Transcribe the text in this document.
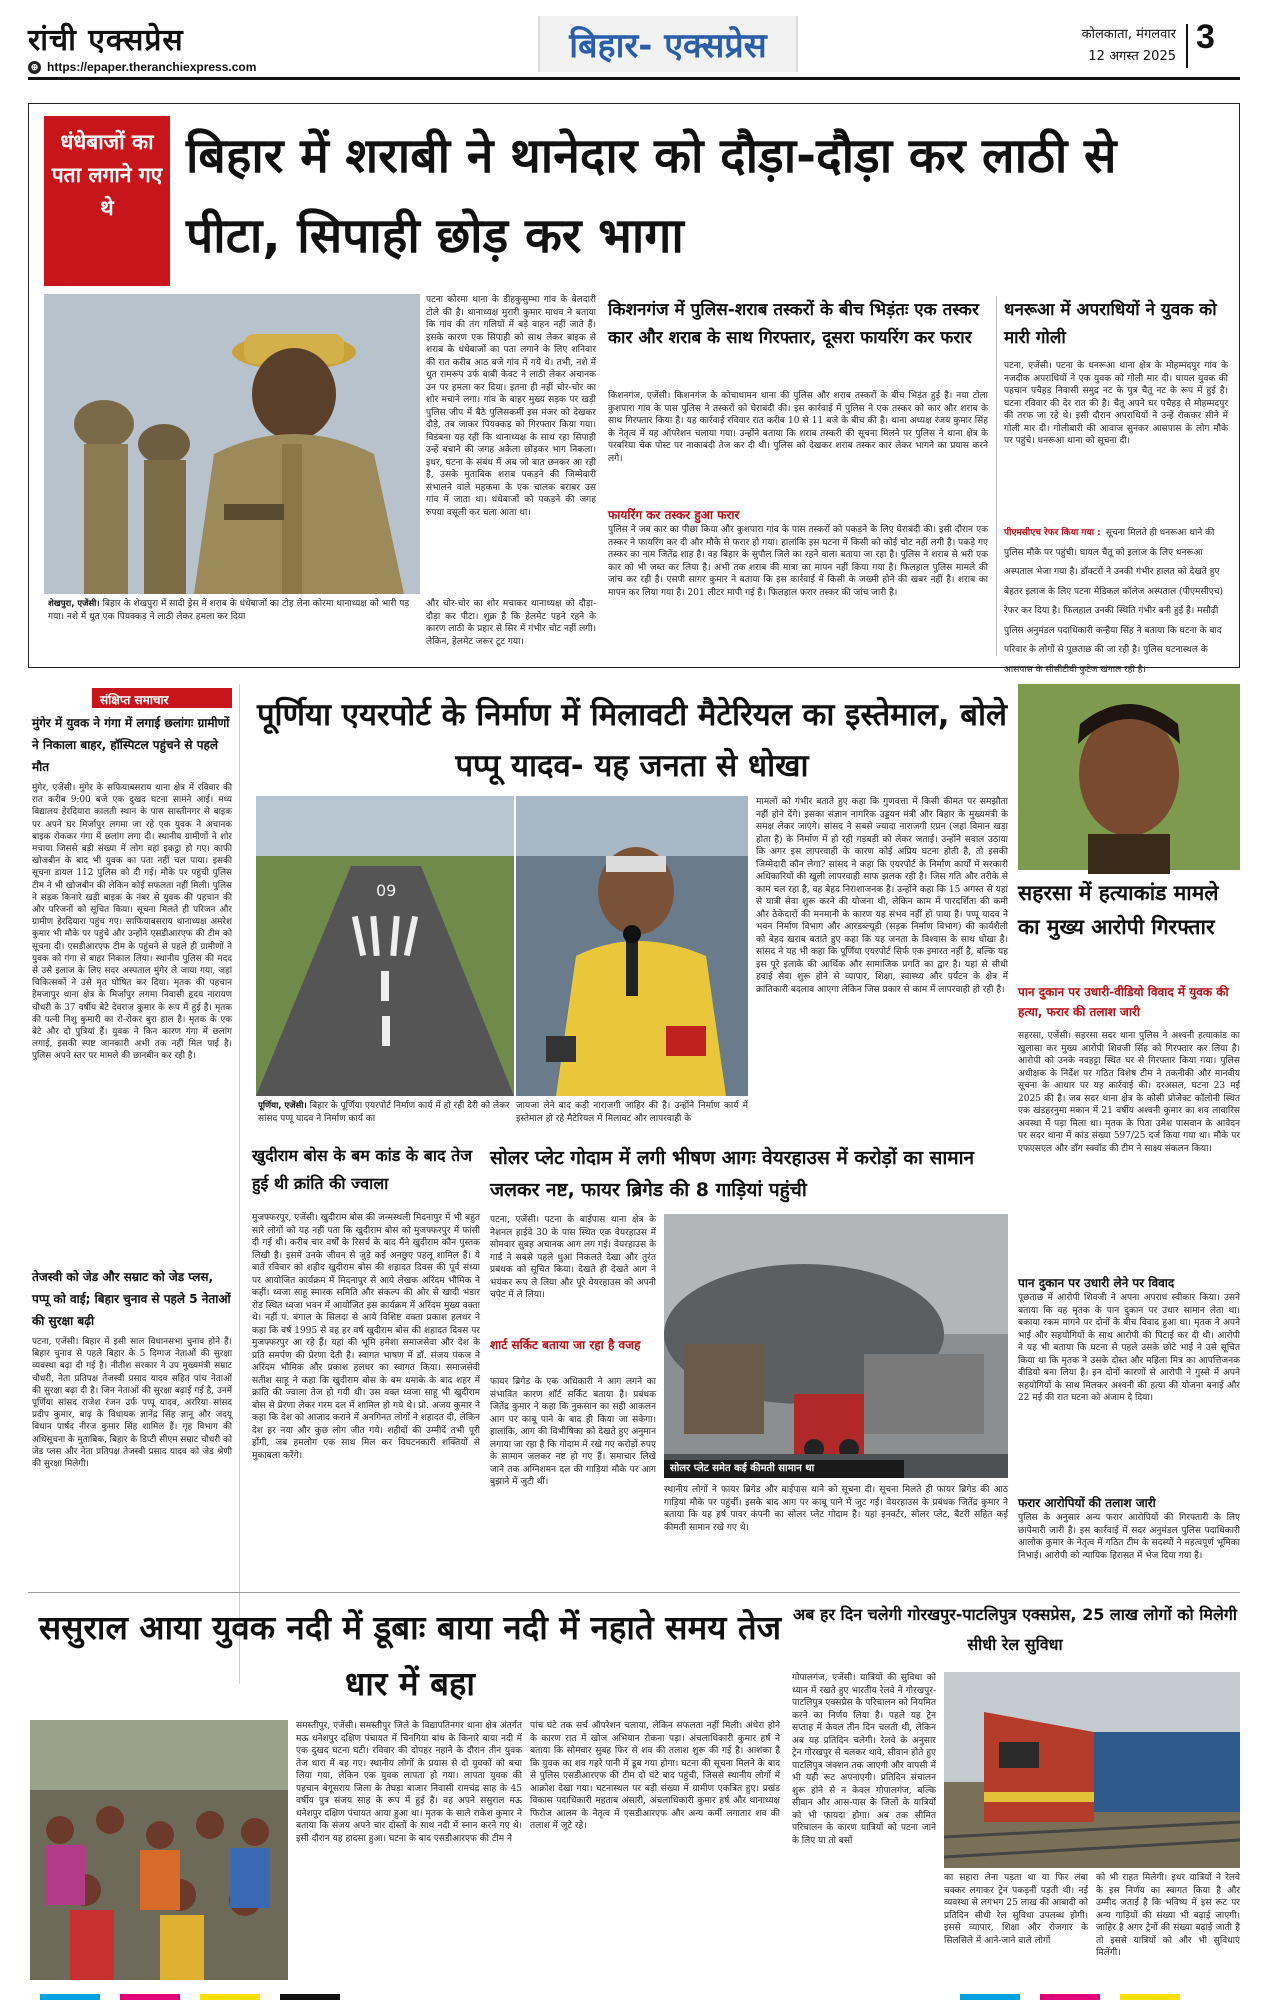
रांची एक्सप्रेस
⊕ https://epaper.theranchiexpress.com
बिहार- एक्सप्रेस	कोलकाता, मंगलवार
12 अगस्त 2025
3
धंधेबाजों का पता लगाने गए थे
बिहार में शराबी ने थानेदार को दौड़ा-दौड़ा कर लाठी से पीटा, सिपाही छोड़ कर भागा
शेखपुरा, एजेंसी। बिहार के शेखपुरा में सादी ड्रेस में शराब के धंधेबाजों का टोह लेना कोरमा थानाध्यक्ष को भारी पड़ गया। नशे में धुत एक पियक्कड़ ने लाठी लेकर हमला कर दिया
पटना कोरमा थाना के डीहकुसुम्भा गांव के बेलदारी टोले की है। थानाध्यक्ष मुरारी कुमार माधव ने बताया कि गांव की तंग गलियों में बड़े वाहन नहीं जाते हैं। इसके कारण एक सिपाही को साथ लेकर बाइक से शराब के धंधेबाजों का पता लगाने के लिए शनिवार की रात करीब आठ बजे गांव में गये थे। तभी, नशे में धुत रामरूप उर्फ बाबी केवट ने लाठी लेकर अचानक उन पर हमला कर दिया। इतना ही नहीं चोर-चोर का शोर मचाने लगा। गांव के बाहर मुख्य सड़क पर खड़ी पुलिस जीप में बैठे पुलिसकर्मी इस मंजर को देखकर दौड़े, तब जाकर पियक्कड़ को गिरफ्तार किया गया। विडंबना यह रही कि थानाध्यक्ष के साथ रहा सिपाही उन्हें बचाने की जगह अकेला छोड़कर भाग निकला। इधर, घटना के संबंध में अब जो बात छनकर आ रही है, उसके मुताबिक शराब पकड़ने की जिम्मेवारी संभालने वाले महकमा के एक चालक बराबर उस गांव में जाता था। धंधेबाजों को पकड़ने की जगह रुपया वसूली कर चला आता था।
और चोर-चोर का शोर मचाकर थानाध्यक्ष को दौड़ा-दौड़ा कर पीटा। शुक्र है कि हेलमेट पहने रहने के कारण लाठी के प्रहार से सिर में गंभीर चोट नहीं लगी। लेकिन, हेलमेट जरूर टूट गया।
किशनगंज में पुलिस-शराब तस्करों के बीच भिड़ंतः एक तस्कर कार और शराब के साथ गिरफ्तार, दूसरा फायरिंग कर फरार
किशनगंज, एजेंसी। किशनगंज के कोचाधामन थाना की पुलिस और शराब तस्करों के बीच भिड़ंत हुई है। नया टोला कुशपारा गांव के पास पुलिस ने तस्करों को घेराबंदी की। इस कार्रवाई में पुलिस ने एक तस्कर को कार और शराब के साथ गिरफ्तार किया है। यह कार्रवाई रविवार रात करीब 10 से 11 बजे के बीच की है। थाना अध्यक्ष रंजय कुमार सिंह के नेतृत्व में यह ऑपरेशन चलाया गया। उन्होंने बताया कि शराब तस्करी की सूचना मिलने पर पुलिस ने थाना क्षेत्र के परबरिया चेक पोस्ट पर नाकाबंदी तेज कर दी थी। पुलिस को देखकर शराब तस्कर कार लेकर भागने का प्रयास करने लगे।
फायरिंग कर तस्कर हुआ फरार
पुलिस ने जब कार का पीछा किया और कुशपारा गांव के पास तस्करों को पकड़ने के लिए घेराबंदी की। इसी दौरान एक तस्कर ने फायरिंग कर दी और मौके से फरार हो गया। हालांकि इस घटना में किसी को कोई चोट नहीं लगी है। पकड़े गए तस्कर का नाम जितेंद्र शाह है। वह बिहार के सुपौल जिले का रहने वाला बताया जा रहा है। पुलिस ने शराब से भरी एक कार को भी जब्त कर लिया है। अभी तक शराब की मात्रा का मापन नहीं किया गया है। फिलहाल पुलिस मामले की जांच कर रही है। एसपी सागर कुमार ने बताया कि इस कार्रवाई में किसी के जख्मी होने की खबर नहीं है। शराब का मापन कर लिया गया है। 201 लीटर मापी गई है। फिलहाल फरार तस्कर की जांच जारी है।
धनरूआ में अपराधियों ने युवक को मारी गोली
पटना, एजेंसी। पटना के धनरूआ थाना क्षेत्र के मोहम्मदपुर गांव के नजदीक अपराधियों ने एक युवक को गोली मार दी। घायल युवक की पहचान पचैहड़ निवासी समुद्र नट के पुत्र चैतू नट के रूप में हुई है। घटना रविवार की देर रात की है। चैतू अपने घर पचैहड़ से मोहम्मदपुर की तरफ जा रहे थे। इसी दौरान अपराधियों ने उन्हें रोककर सीने में गोली मार दी। गोलीबारी की आवाज सुनकर आसपास के लोग मौके पर पहुंचे। धनरूआ थाना को सूचना दी।
पीएमसीएच रेफर किया गया : सूचना मिलते ही धनरूआ थाने की पुलिस मौके पर पहुंची। घायल चैतू को इलाज के लिए धनरूआ अस्पताल भेजा गया है। डॉक्टरों ने उनकी गंभीर हालत को देखते हुए बेहतर इलाज के लिए पटना मेडिकल कॉलेज अस्पताल (पीएमसीएच) रेफर कर दिया है। फिलहाल उनकी स्थिति गंभीर बनी हुई है। मसौढ़ी पुलिस अनुमंडल पदाधिकारी कन्हैया सिंह ने बताया कि घटना के बाद परिवार के लोगों से पूछताछ की जा रही है। पुलिस घटनास्थल के आसपास के सीसीटीवी फुटेज खंगाल रही है।
संक्षिप्त समाचार
मुंगेर में युवक ने गंगा में लगाई छलांगः ग्रामीणों ने निकाला बाहर, हॉस्पिटल पहुंचने से पहले मौत
मुंगेर, एजेंसी। मुंगेर के सफियाबसराय थाना क्षेत्र में रविवार की रात करीब 9:00 बजे एक दुखद घटना सामने आई। मध्य विद्यालय हेरदियारा कालती स्थान के पास सास्तीनगर से बाइक पर अपने घर मिर्जापुर लगमा जा रहे एक युवक ने अचानक बाइक रोककर गंगा में छलांग लगा दी। स्थानीय ग्रामीणों ने शोर मचाया जिससे बड़ी संख्या में लोग वहां इकट्ठा हो गए। काफी खोजबीन के बाद भी युवक का पता नहीं चल पाया। इसकी सूचना डायल 112 पुलिस को दी गई। मौके पर पहुंची पुलिस टीम ने भी खोजबीन की लेकिन कोई सफलता नहीं मिली। पुलिस ने सड़क किनारे खड़ी बाइक के नंबर से युवक की पहचान की और परिजनों को सूचित किया। सूचना मिलते ही परिजन और ग्रामीण हेरदियारा पहुंच गए। साफियाबसराय थानाध्यक्ष अमरेश कुमार भी मौके पर पहुंचे और उन्होंने एसडीआरएफ की टीम को सूचना दी। एसडीआरएफ टीम के पहुंचने से पहले ही ग्रामीणों ने युवक को गंगा से बाहर निकाल लिया। स्थानीय पुलिस की मदद से उसे इलाज के लिए सदर अस्पताल मुंगेर ले जाया गया, जहां चिकित्सकों ने उसे मृत घोषित कर दिया। मृतक की पहचान हेमजापुर थाना क्षेत्र के मिर्जापुर लगमा निवासी हृदय नारायण चौधरी के 37 वर्षीय बेटे देवराज कुमार के रूप में हुई है। मृतक की पत्नी निशु कुमारी का रो-रोकर बुरा हाल है। मृतक के एक बेटे और दो पुत्रियां हैं। युवक ने किन कारण गंगा में छलांग लगाई, इसकी स्पष्ट जानकारी अभी तक नहीं मिल पाई है। पुलिस अपने स्तर पर मामले की छानबीन कर रही है।
तेजस्वी को जेड और सम्राट को जेड प्लस, पप्पू को वाई; बिहार चुनाव से पहले 5 नेताओं की सुरक्षा बढ़ी
पटना, एजेंसी। बिहार में इसी साल विधानसभा चुनाव होने हैं। बिहार चुनाव से पहले बिहार के 5 दिग्गज नेताओं की सुरक्षा व्यवस्था बढ़ा दी गई है। नीतीश सरकार ने उप मुख्यमंत्री सम्राट चौधरी, नेता प्रतिपक्ष तेजस्वी प्रसाद यादव सहित पांच नेताओं की सुरक्षा बढ़ा दी है। जिन नेताओं की सुरक्षा बढ़ाई गई है, उनमें पूर्णिया सांसद राजेश रंजन उर्फ पप्पू यादव, अररिया सांसद प्रदीप कुमार, बाढ़ के विधायक ज्ञानेंद्र सिंह ज्ञानू और जदयू विधान पार्षद नीरज कुमार सिंह शामिल हैं। गृह विभाग की अधिसूचना के मुताबिक, बिहार के डिप्टी सीएम सम्राट चौधरी को जेड प्लस और नेता प्रतिपक्ष तेजस्वी प्रसाद यादव को जेड श्रेणी की सुरक्षा मिलेगी।
पूर्णिया एयरपोर्ट के निर्माण में मिलावटी मैटेरियल का इस्तेमाल, बोले पप्पू यादव- यह जनता से धोखा
09
पूर्णिया, एजेंसी। बिहार के पूर्णिया एयरपोर्ट निर्माण कार्य में हो रही देरी को लेकर सांसद पप्पू यादव ने निर्माण कार्य का
जायजा लेने बाद कड़ी नाराजगी जाहिर की है। उन्होंने निर्माण कार्य में इस्तेमाल हो रहे मैटेरियल में मिलावट और लापरवाही के
मामलों को गंभीर बताते हुए कहा कि गुणवत्ता में किसी कीमत पर समझौता नहीं होने देंगे। इसका संज्ञान नागरिक उड्डयन मंत्री और बिहार के मुख्यमंत्री के समक्ष लेकर जाएंगे। सांसद ने सबसे ज्यादा नाराजगी एप्रन (जहां विमान खड़ा होता है) के निर्माण में हो रही गड़बड़ी को लेकर जताई। उन्होंने सवाल उठाया कि अगर इस लापरवाही के कारण कोई अप्रिय घटना होती है, तो इसकी जिम्मेदारी कौन लेगा? सांसद ने कहा कि एयरपोर्ट के निर्माण कार्यों में सरकारी अधिकारियों की खुली लापरवाही साफ झलक रही है। जिस गति और तरीके से काम चल रहा है, वह बेहद निराशाजनक है। उन्होंने कहा कि 15 अगस्त से यहां से यात्री सेवा शुरू करने की योजना थी, लेकिन काम में पारदर्शिता की कमी और ठेकेदारों की मनमानी के कारण यह संभव नहीं हो पाया है। पप्पू यादव ने भवन निर्माण विभाग और आरडब्ल्यूडी (सड़क निर्माण विभाग) की कार्यशैली को बेहद खराब बताते हुए कहा कि यह जनता के विश्वास के साथ धोखा है। सांसद ने यह भी कहा कि पूर्णिया एयरपोर्ट सिर्फ एक इमारत नहीं है, बल्कि यह इस पूरे इलाके की आर्थिक और सामाजिक प्रगति का द्वार है। यहां से सीधी हवाई सेवा शुरू होने से व्यापार, शिक्षा, स्वास्थ्य और पर्यटन के क्षेत्र में क्रांतिकारी बदलाव आएगा लेकिन जिस प्रकार से काम में लापरवाही हो रही है।
सहरसा में हत्याकांड मामले का मुख्य आरोपी गिरफ्तार
पान दुकान पर उधारी-वीडियो विवाद में युवक की हत्या, फरार की तलाश जारी
सहरसा, एजेंसी। सहरसा सदर थाना पुलिस ने अश्वनी हत्याकांड का खुलासा कर मुख्य आरोपी शिवजी सिंह को गिरफ्तार कर लिया है। आरोपी को उनके नवहट्टा स्थित घर से गिरफ्तार किया गया। पुलिस अधीक्षक के निर्देश पर गठित विशेष टीम ने तकनीकी और मानवीय सूचना के आधार पर यह कार्रवाई की। दरअसल, घटना 23 मई 2025 की है। जब सदर थाना क्षेत्र के कोसी प्रोजेक्ट कॉलोनी स्थित एक खंडहरनुमा मकान में 21 वर्षीय अश्वनी कुमार का शव लावारिस अवस्था में पड़ा मिला था। मृतक के पिता उमेश पासवान के आवेदन पर सदर थाना में कांड संख्या 597/25 दर्ज किया गया था। मौके पर एफएसएल और डॉग स्क्वॉड की टीम ने साक्ष्य संकलन किया।
पान दुकान पर उधारी लेने पर विवाद
पूछताछ में आरोपी शिवजी ने अपना अपराध स्वीकार किया। उसने बताया कि वह मृतक के पान दुकान पर उधार सामान लेता था। बकाया रकम मांगने पर दोनों के बीच विवाद हुआ था। मृतक ने अपने भाई और सहयोगियों के साथ आरोपी की पिटाई कर दी थी। आरोपी ने यह भी बताया कि घटना से पहले उसके छोटे भाई ने उसे सूचित किया था कि मृतक ने उसके दोस्त और महिला मित्र का आपत्तिजनक वीडियो बना लिया है। इन दोनों कारणों से आरोपी ने गुस्से में अपने सहयोगियों के साथ मिलकर अश्वनी की हत्या की योजना बनाई और 22 मई की रात घटना को अंजाम दे दिया।
फरार आरोपियों की तलाश जारी
पुलिस के अनुसार अन्य फरार आरोपियों की गिरफ्तारी के लिए छापेमारी जारी है। इस कार्रवाई में सदर अनुमंडल पुलिस पदाधिकारी आलोक कुमार के नेतृत्व में गठित टीम के सदस्यों ने महत्वपूर्ण भूमिका निभाई। आरोपी को न्यायिक हिरासत में भेज दिया गया है।
खुदीराम बोस के बम कांड के बाद तेज हुई थी क्रांति की ज्वाला
मुजफ्फरपुर, एजेंसी। खुदीराम बोस की जन्मस्थली मिदनापुर में भी बहुत सारे लोगों को यह नहीं पता कि खुदीराम बोस को मुजफ्फरपुर में फांसी दी गई थी। करीब चार वर्षों के रिसर्च के बाद मैंने खुदीराम कौन पुस्तक लिखी है। इसमें उनके जीवन से जुड़े कई अनछुए पहलू शामिल हैं। ये बातें रविवार को शहीद खुदीराम बोस की शहादत दिवस की पूर्व संध्या पर आयोजित कार्यक्रम में मिदनापुर से आये लेखक अरिंदम भौमिक ने कहीं। ध्वजा साहू स्मारक समिति और संकल्प की ओर से खादी भंडार रोड स्थित ध्वजा भवन में आयोजित इस कार्यक्रम में अरिंदम मुख्य वक्ता थे। नहीं पं. बंगाल के सिलदा से आये विशिष्ट वक्ता प्रकाश हलधर ने कहा कि वर्ष 1995 से वह हर वर्ष खुदीराम बोस की शहादत दिवस पर मुजफ्फरपुर आ रहे हैं। यहां की भूमि हमेशा समाजसेवा और देश के प्रति समर्पण की प्रेरणा देती है। स्वागत भाषण में डॉ. संजय पंकज ने अरिंदम भौमिक और प्रकाश हलधर का स्वागत किया। समाजसेवी सतीश साहू ने कहा कि खुदीराम बोस के बम धमाके के बाद शहर में क्रांति की ज्वाला तेज हो गयी थी। उस वक्त ध्वजा साहू भी खुदीराम बोस से प्रेरणा लेकर गरम दल में शामिल हो गये थे। प्रो. अजय कुमार ने कहा कि देश को आजाद कराने में अनगिनत लोगों ने शहादत दी, लेकिन देश हर नया और कुछ लोग जीत गये। शहीदों की उम्मीदें तभी पूरी होंगी, जब हमलोग एक साथ मिल कर विघटनकारी शक्तियों से मुकाबला करेंगे।
सोलर प्लेट गोदाम में लगी भीषण आगः वेयरहाउस में करोड़ों का सामान जलकर नष्ट, फायर ब्रिगेड की 8 गाड़ियां पहुंची
पटना, एजेंसी। पटना के बाईपास थाना क्षेत्र के नेशनल हाईवे 30 के पास स्थित एक वेयरहाउस में सोमवार सुबह अचानक आग लग गई। वेयरहाउस के गार्ड ने सबसे पहले धुआं निकलते देखा और तुरंत प्रबंधक को सूचित किया। देखते ही देखते आग ने भयंकर रूप ले लिया और पूरे वेयरहाउस को अपनी चपेट में ले लिया।
शार्ट सर्किट बताया जा रहा है वजह
फायर ब्रिगेड के एक अधिकारी ने आग लगने का संभावित कारण शॉर्ट सर्किट बताया है। प्रबंधक जितेंद्र कुमार ने कहा कि नुकसान का सही आकलन आग पर काबू पाने के बाद ही किया जा सकेगा। हालांकि, आग की विभीषिका को देखते हुए अनुमान लगाया जा रहा है कि गोदाम में रखे गए करोड़ों रुपए के सामान जलकर नष्ट हो गए हैं। समाचार लिखे जाने तक अग्निशमन दल की गाड़ियां मौके पर आग बुझाने में जुटी थीं।
सोलर प्लेट समेत कई कीमती सामान था
स्थानीय लोगों ने फायर ब्रिगेड और बाईपास थाने को सूचना दी। सूचना मिलते ही फायर ब्रिगेड की आठ गाड़ियां मौके पर पहुंचीं। इसके बाद आग पर काबू पाने में जुट गई। वेयरहाउस के प्रबंधक जितेंद्र कुमार ने बताया कि यह हर्ष पावर कंपनी का सोलर प्लेट गोदाम है। यहां इनवर्टर, सोलर प्लेट, बैटरी सहित कई कीमती सामान रखे गए थे।
ससुराल आया युवक नदी में डूबाः बाया नदी में नहाते समय तेज धार में बहा
समस्तीपुर, एजेंसी। समस्तीपुर जिले के विद्यापतिनगर थाना क्षेत्र अंतर्गत मऊ धनेशपुर दक्षिण पंचायत में चिनगिया बांध के किनारे बाया नदी में एक दुखद घटना घटी। रविवार की दोपहर नहाने के दौरान तीन युवक तेज धारा में बह गए। स्थानीय लोगों के प्रयास से दो युवकों को बचा लिया गया, लेकिन एक युवक लापता हो गया। लापता युवक की पहचान बेगूसराय जिला के तेघड़ा बाजार निवासी रामचंद्र साह के 45 वर्षीय पुत्र संजय साह के रूप में हुई है। वह अपने ससुराल मऊ धनेशपुर दक्षिण पंचायत आया हुआ था। मृतक के साले राकेश कुमार ने बताया कि संजय अपने चार दोस्तों के साथ नदी में स्नान करने गए थे। इसी दौरान यह हादसा हुआ। घटना के बाद एसडीआरएफ की टीम ने
पांच घंटे तक सर्च ऑपरेशन चलाया, लेकिन सफलता नहीं मिली। अंधेरा होने के कारण रात में खोज अभियान रोकना पड़ा। अंचलाधिकारी कुमार हर्ष ने बताया कि सोमवार सुबह फिर से शव की तलाश शुरू की गई है। आशंका है कि युवक का शव गहरे पानी में डूब गया होगा। घटना की सूचना मिलने के बाद से पुलिस एसडीआरएफ की टीम दो घंटे बाद पहुंची, जिससे स्थानीय लोगों में आक्रोश देखा गया। घटनास्थल पर बड़ी संख्या में ग्रामीण एकत्रित हुए। प्रखंड विकास पदाधिकारी महताब अंसारी, अंचलाधिकारी कुमार हर्ष और थानाध्यक्ष फिरोज आलम के नेतृत्व में एसडीआरएफ और अन्य कर्मी लगातार शव की तलाश में जुटे रहे।
अब हर दिन चलेगी गोरखपुर-पाटलिपुत्र एक्सप्रेस, 25 लाख लोगों को मिलेगी सीधी रेल सुविधा
गोपालगंज, एजेंसी। यात्रियों की सुविधा को ध्यान में रखते हुए भारतीय रेलवे ने गोरखपुर-पाटलिपुत्र एक्सप्रेस के परिचालन को नियमित करने का निर्णय लिया है। पहले यह ट्रेन सप्ताह में केवल तीन दिन चलती थी, लेकिन अब यह प्रतिदिन चलेगी। रेलवे के अनुसार ट्रेन गोरखपुर से चलकर थावे, सीवान होते हुए पाटलिपुत्र जंक्शन तक जाएगी और वापसी में भी यही रूट अपनाएगी। प्रतिदिन संचालन शुरू होने से न केवल गोपालगंज, बल्कि सीवान और आस-पास के जिलों के यात्रियों को भी फायदा होगा। अब तक सीमित परिचालन के कारण यात्रियों को पटना जाने के लिए या तो बसों
का सहारा लेना पड़ता था या फिर लंबा चक्कर लगाकर ट्रेन पकड़नी पड़ती थी। नई व्यवस्था से लगभग 25 लाख की आबादी को प्रतिदिन सीधी रेल सुविधा उपलब्ध होगी। इससे व्यापार, शिक्षा और रोजगार के सिलसिले में आने-जाने वाले लोगों
को भी राहत मिलेगी। इधर यात्रियों ने रेलवे के इस निर्णय का स्वागत किया है और उम्मीद जताई है कि भविष्य में इस रूट पर अन्य गाड़ियों की संख्या भी बढ़ाई जाएगी। जाहिर है अगर ट्रेनों की संख्या बढ़ाई जाती है तो इससे यात्रियों को और भी सुविधाएं मिलेंगी।
